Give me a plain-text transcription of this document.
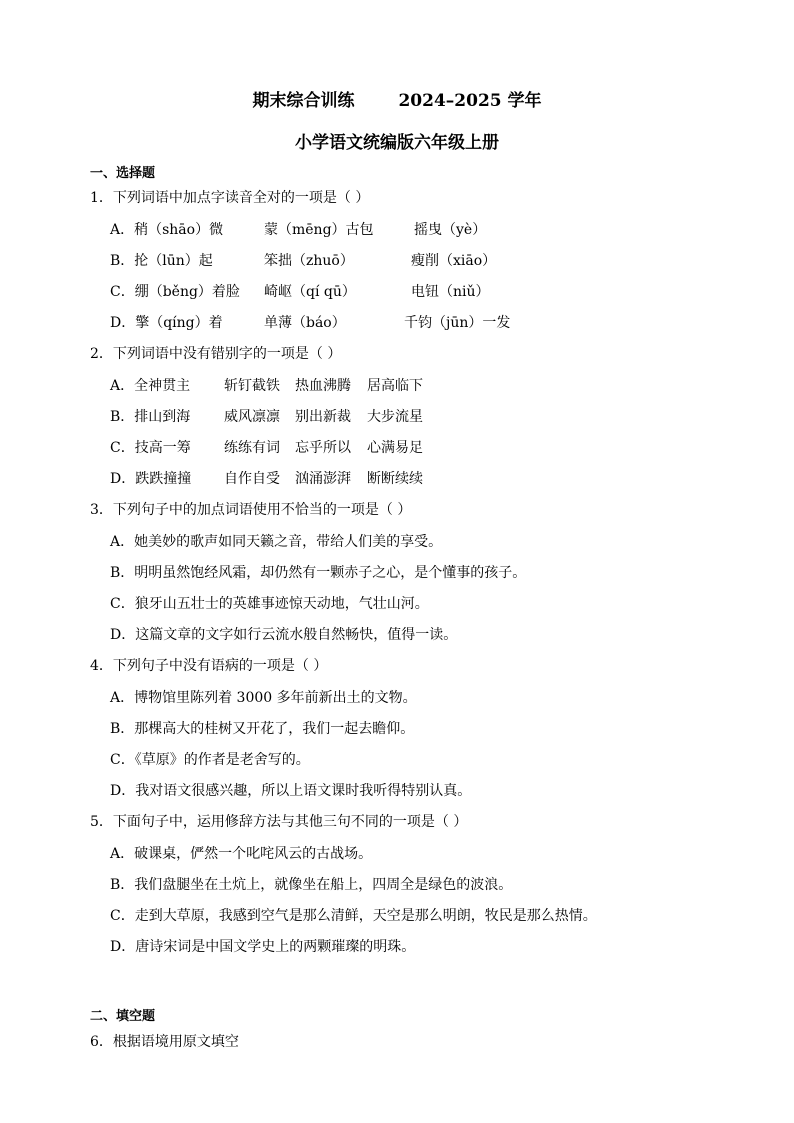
期末综合训练	2024–2025 学年
小学语文统编版六年级上册
一、选择题
1．下列词语中加点字读音全对的一项是（ ）
A．稍（shāo）微	蒙（mēng）古包	摇曳（yè）
B．抡（lūn）起	笨拙（zhuō）	瘦削（xiāo）
C．绷（běng）着脸 崎岖（qí qū）	电钮（niǔ）
D．擎（qíng）着	单薄（báo）	千钧（jūn）一发
2．下列词语中没有错别字的一项是（ ）
A．全神贯主 斩钉截铁 热血沸腾 居高临下
B．排山到海 威风凛凛 别出新裁 大步流星
C．技高一筹 练练有词 忘乎所以 心满易足
D．跌跌撞撞 自作自受 汹涌澎湃 断断续续
3．下列句子中的加点词语使用不恰当的一项是（ ）
A．她美妙的歌声如同天籁之音，带给人们美的享受。
B．明明虽然饱经风霜，却仍然有一颗赤子之心，是个懂事的孩子。
C．狼牙山五壮士的英雄事迹惊天动地，气壮山河。
D．这篇文章的文字如行云流水般自然畅快，值得一读。
4．下列句子中没有语病的一项是（ ）
A．博物馆里陈列着 3000 多年前新出土的文物。
B．那棵高大的桂树又开花了，我们一起去瞻仰。
C．《草原》的作者是老舍写的。
D．我对语文很感兴趣，所以上语文课时我听得特别认真。
5．下面句子中，运用修辞方法与其他三句不同的一项是（ ）
A．破课桌，俨然一个叱咤风云的古战场。
B．我们盘腿坐在土炕上，就像坐在船上，四周全是绿色的波浪。
C．走到大草原，我感到空气是那么清鲜，天空是那么明朗，牧民是那么热情。
D．唐诗宋词是中国文学史上的两颗璀璨的明珠。
二、填空题
6．根据语境用原文填空
